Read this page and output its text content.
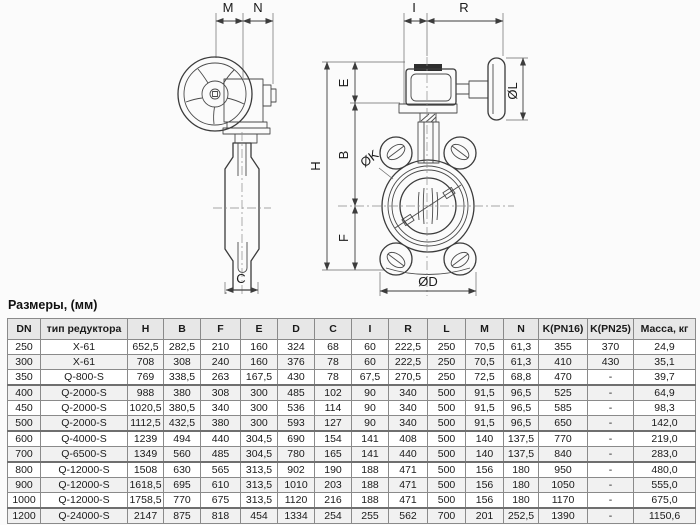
M N
C
I	R
H
E
B
F
ØK
ØL
ØD
Размеры, (мм)
DN	тип редуктора	H	B	F	E	D	C	I	R	L	M	N	K(PN16)	K(PN25)	Масса, кг
250	X-61	652,5	282,5	210	160	324	68	60	222,5	250	70,5	61,3	355	370	24,9
300	X-61	708	308	240	160	376	78	60	222,5	250	70,5	61,3	410	430	35,1
350	Q-800-S	769	338,5	263	167,5	430	78	67,5	270,5	250	72,5	68,8	470	-	39,7
400	Q-2000-S	988	380	308	300	485	102	90	340	500	91,5	96,5	525	-	64,9
450	Q-2000-S	1020,5	380,5	340	300	536	114	90	340	500	91,5	96,5	585	-	98,3
500	Q-2000-S	1112,5	432,5	380	300	593	127	90	340	500	91,5	96,5	650	-	142,0
600	Q-4000-S	1239	494	440	304,5	690	154	141	408	500	140	137,5	770	-	219,0
700	Q-6500-S	1349	560	485	304,5	780	165	141	440	500	140	137,5	840	-	283,0
800	Q-12000-S	1508	630	565	313,5	902	190	188	471	500	156	180	950	-	480,0
900	Q-12000-S	1618,5	695	610	313,5	1010	203	188	471	500	156	180	1050	-	555,0
1000	Q-12000-S	1758,5	770	675	313,5	1120	216	188	471	500	156	180	1170	-	675,0
1200	Q-24000-S	2147	875	818	454	1334	254	255	562	700	201	252,5	1390	-	1150,6
